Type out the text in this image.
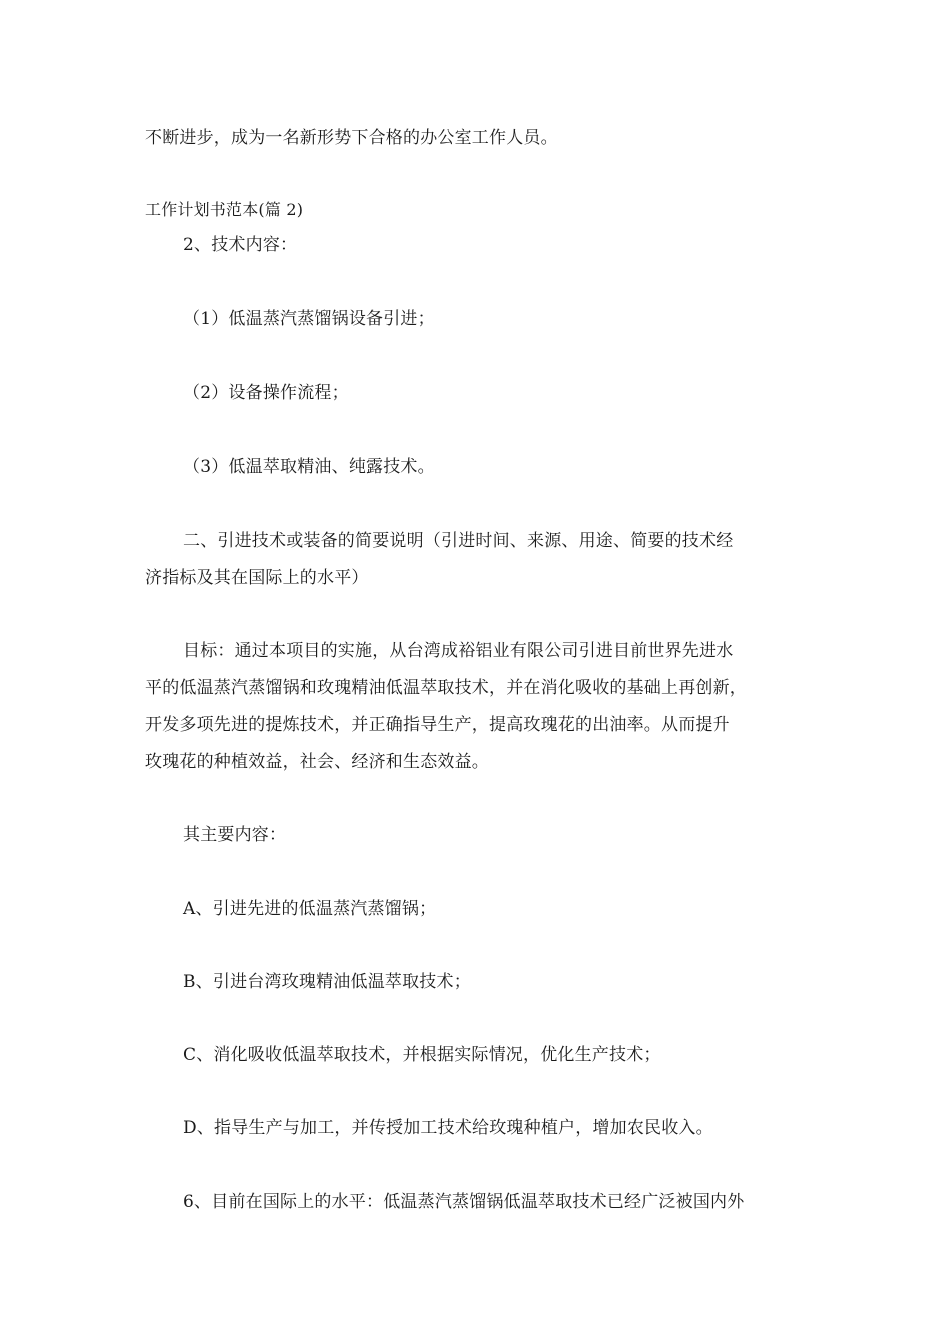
不断进步，成为一名新形势下合格的办公室工作人员。
工作计划书范本(篇 2)
2、技术内容：
（1）低温蒸汽蒸馏锅设备引进；
（2）设备操作流程；
（3）低温萃取精油、纯露技术。
二、引进技术或装备的简要说明（引进时间、来源、用途、简要的技术经
济指标及其在国际上的水平）
目标：通过本项目的实施，从台湾成裕铝业有限公司引进目前世界先进水
平的低温蒸汽蒸馏锅和玫瑰精油低温萃取技术，并在消化吸收的基础上再创新，
开发多项先进的提炼技术，并正确指导生产，提高玫瑰花的出油率。从而提升
玫瑰花的种植效益，社会、经济和生态效益。
其主要内容：
A、引进先进的低温蒸汽蒸馏锅；
B、引进台湾玫瑰精油低温萃取技术；
C、消化吸收低温萃取技术，并根据实际情况，优化生产技术；
D、指导生产与加工，并传授加工技术给玫瑰种植户，增加农民收入。
6、目前在国际上的水平：低温蒸汽蒸馏锅低温萃取技术已经广泛被国内外
